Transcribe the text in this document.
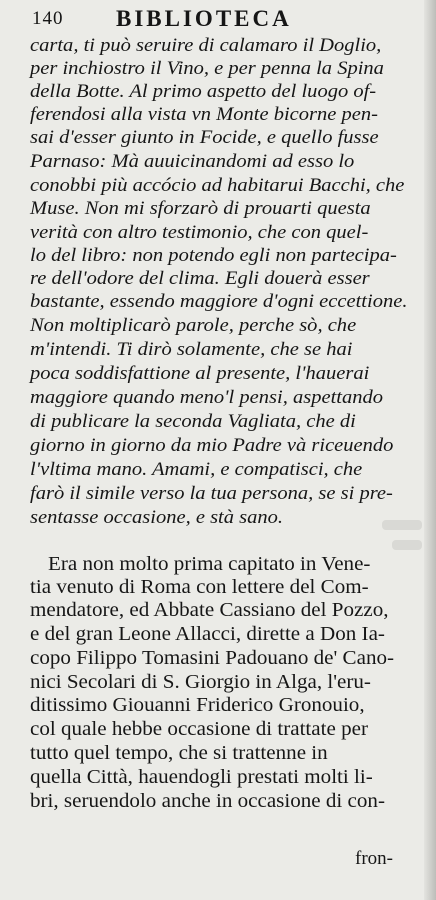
140 BIBLIOTECA
carta, ti può seruire di calamaro il Doglio,
per inchiostro il Vino, e per penna la Spina
della Botte. Al primo aspetto del luogo of-
ferendosi alla vista vn Monte bicorne pen-
sai d'esser giunto in Focide, e quello fusse
Parnaso: Mà auuicinandomi ad esso lo
conobbi più accócio ad habitarui Bacchi, che
Muse. Non mi sforzarò di prouarti questa
verità con altro testimonio, che con quel-
lo del libro: non potendo egli non partecipa-
re dell'odore del clima. Egli douerà esser
bastante, essendo maggiore d'ogni eccettione.
Non moltiplicarò parole, perche sò, che
m'intendi. Ti dirò solamente, che se hai
poca soddisfattione al presente, l'hauerai
maggiore quando meno'l pensi, aspettando
di publicare la seconda Vagliata, che di
giorno in giorno da mio Padre và riceuendo
l'vltima mano. Amami, e compatisci, che
farò il simile verso la tua persona, se si pre-
sentasse occasione, e stà sano.
Era non molto prima capitato in Vene-
tia venuto di Roma con lettere del Com-
mendatore, ed Abbate Cassiano del Pozzo,
e del gran Leone Allacci, dirette a Don Ia-
copo Filippo Tomasini Padouano de' Cano-
nici Secolari di S. Giorgio in Alga, l'eru-
ditissimo Giouanni Friderico Gronouio,
col quale hebbe occasione di trattate per
tutto quel tempo, che si trattenne in
quella Città, hauendogli prestati molti li-
bri, seruendolo anche in occasione di con-
fron-
